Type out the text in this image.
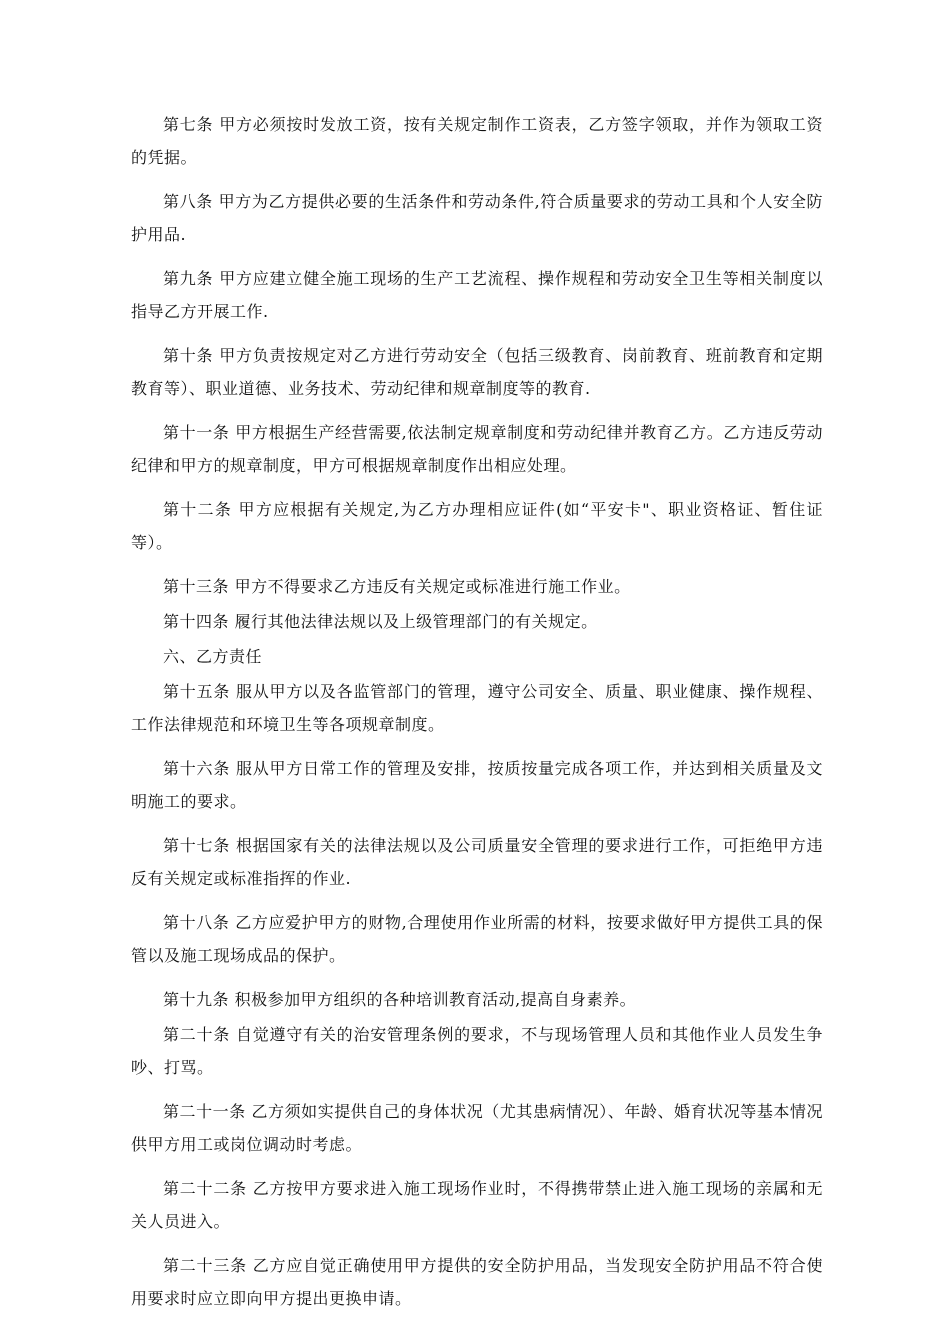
第七条 甲方必须按时发放工资，按有关规定制作工资表，乙方签字领取，并作为领取工资的凭据。

第八条 甲方为乙方提供必要的生活条件和劳动条件,符合质量要求的劳动工具和个人安全防护用品.

第九条 甲方应建立健全施工现场的生产工艺流程、操作规程和劳动安全卫生等相关制度以指导乙方开展工作.

第十条 甲方负责按规定对乙方进行劳动安全（包括三级教育、岗前教育、班前教育和定期教育等）、职业道德、业务技术、劳动纪律和规章制度等的教育.

第十一条 甲方根据生产经营需要,依法制定规章制度和劳动纪律并教育乙方。乙方违反劳动纪律和甲方的规章制度，甲方可根据规章制度作出相应处理。

第十二条 甲方应根据有关规定,为乙方办理相应证件(如“平安卡"、职业资格证、暂住证等）。

第十三条 甲方不得要求乙方违反有关规定或标准进行施工作业。

第十四条 履行其他法律法规以及上级管理部门的有关规定。

六、乙方责任

第十五条 服从甲方以及各监管部门的管理，遵守公司安全、质量、职业健康、操作规程、工作法律规范和环境卫生等各项规章制度。

第十六条 服从甲方日常工作的管理及安排，按质按量完成各项工作，并达到相关质量及文明施工的要求。

第十七条 根据国家有关的法律法规以及公司质量安全管理的要求进行工作，可拒绝甲方违反有关规定或标准指挥的作业.

第十八条 乙方应爱护甲方的财物,合理使用作业所需的材料，按要求做好甲方提供工具的保管以及施工现场成品的保护。

第十九条 积极参加甲方组织的各种培训教育活动,提高自身素养。

第二十条 自觉遵守有关的治安管理条例的要求，不与现场管理人员和其他作业人员发生争吵、打骂。

第二十一条 乙方须如实提供自己的身体状况（尤其患病情况）、年龄、婚育状况等基本情况供甲方用工或岗位调动时考虑。

第二十二条 乙方按甲方要求进入施工现场作业时，不得携带禁止进入施工现场的亲属和无关人员进入。

第二十三条 乙方应自觉正确使用甲方提供的安全防护用品，当发现安全防护用品不符合使用要求时应立即向甲方提出更换申请。
